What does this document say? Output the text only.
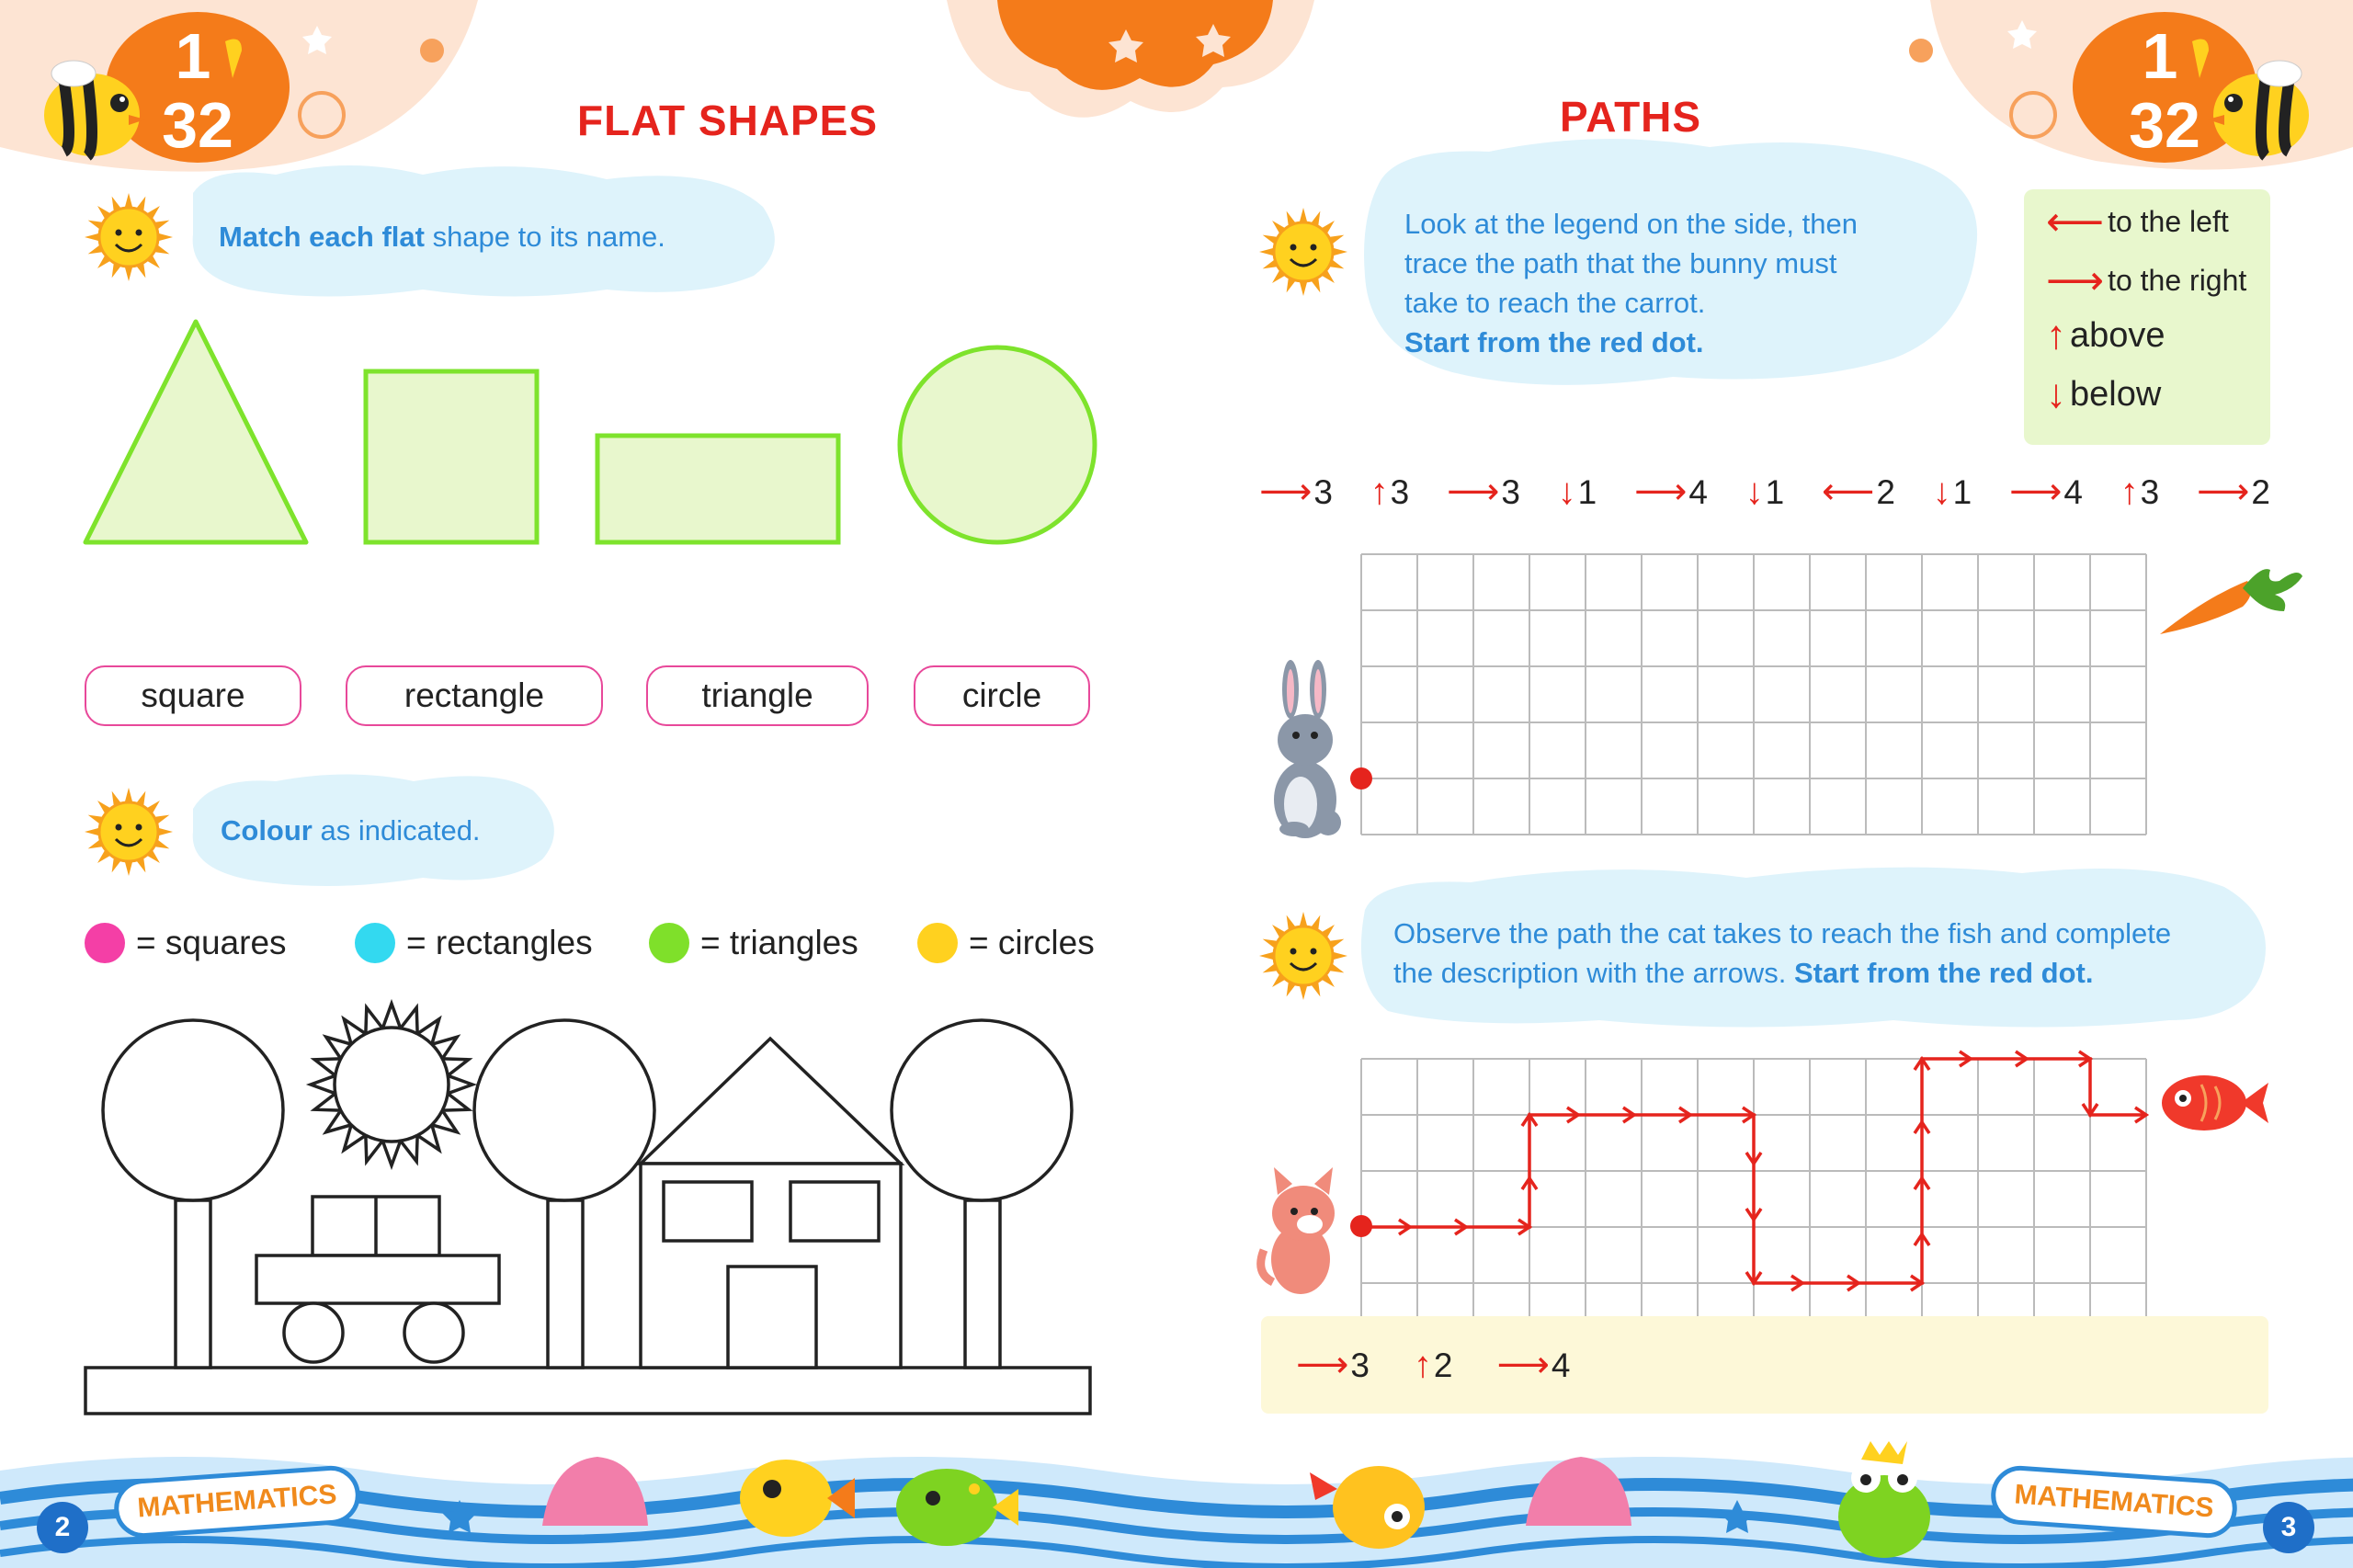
1
32
1
32
FLAT SHAPES	PATHS
Match each flat shape to its name.
square	rectangle	triangle	circle
Colour as indicated.
= squares	= rectangles	= triangles	= circles
Look at the legend on the side, then
trace the path that the bunny must
take to reach the carrot.
Start from the red dot.
⟵ to the left
⟶ to the right
↑ above
↓ below
⟶3 ↑3 ⟶3 ↓1 ⟶4 ↓1 ⟵2 ↓1 ⟶4 ↑3 ⟶2
Observe the path the cat takes to reach the fish and complete
the description with the arrows. Start from the red dot.
⟶3 ↑2 ⟶4
MATHEMATICS	MATHEMATICS
2	3
